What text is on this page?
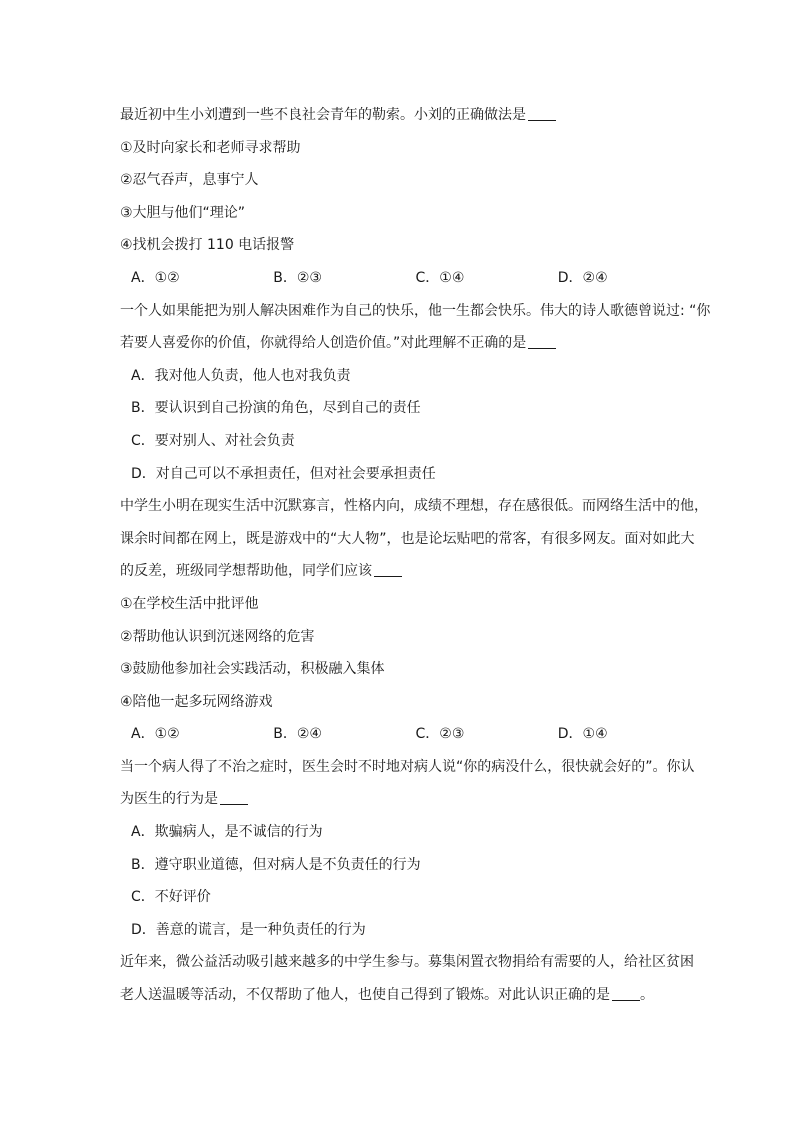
最近初中生小刘遭到一些不良社会青年的勒索。小刘的正确做法是
①及时向家长和老师寻求帮助
②忍气吞声，息事宁人
③大胆与他们“理论”
④找机会拨打 110 电话报警
A．①②	B．②③	C．①④	D．②④
一个人如果能把为别人解决困难作为自己的快乐，他一生都会快乐。伟大的诗人歌德曾说过: “你
若要人喜爱你的价值，你就得给人创造价值。”对此理解不正确的是
A．我对他人负责，他人也对我负责
B．要认识到自己扮演的角色，尽到自己的责任
C．要对别人、对社会负责
D．对自己可以不承担责任，但对社会要承担责任
中学生小明在现实生活中沉默寡言，性格内向，成绩不理想，存在感很低。而网络生活中的他，
课余时间都在网上，既是游戏中的“大人物”，也是论坛贴吧的常客，有很多网友。面对如此大
的反差，班级同学想帮助他，同学们应该
①在学校生活中批评他
②帮助他认识到沉迷网络的危害
③鼓励他参加社会实践活动，积极融入集体
④陪他一起多玩网络游戏
A．①②	B．②④	C．②③	D．①④
当一个病人得了不治之症时，医生会时不时地对病人说“你的病没什么，很快就会好的”。你认
为医生的行为是
A．欺骗病人，是不诚信的行为
B．遵守职业道德，但对病人是不负责任的行为
C．不好评价
D．善意的谎言，是一种负责任的行为
近年来，微公益活动吸引越来越多的中学生参与。募集闲置衣物捐给有需要的人，给社区贫困
老人送温暖等活动，不仅帮助了他人，也使自己得到了锻炼。对此认识正确的是 。
